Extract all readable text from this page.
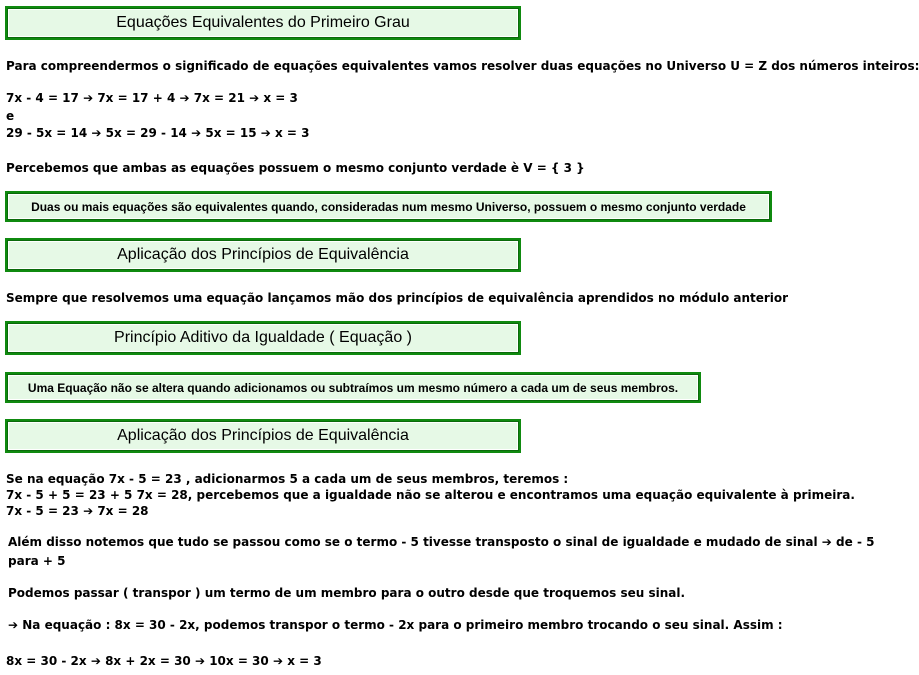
Equações Equivalentes do Primeiro Grau
Para compreendermos o significado de equações equivalentes vamos resolver duas equações no Universo U = Z dos números inteiros:
7x - 4 = 17 ➔ 7x = 17 + 4 ➔ 7x = 21 ➔ x = 3
e
29 - 5x = 14 ➔ 5x = 29 - 14 ➔ 5x = 15 ➔ x = 3
Percebemos que ambas as equações possuem o mesmo conjunto verdade è V = { 3 }
Duas ou mais equações são equivalentes quando, consideradas num mesmo Universo, possuem o mesmo conjunto verdade
Aplicação dos Princípios de Equivalência
Sempre que resolvemos uma equação lançamos mão dos princípios de equivalência aprendidos no módulo anterior
Princípio Aditivo da Igualdade ( Equação )
Uma Equação não se altera quando adicionamos ou subtraímos um mesmo número a cada um de seus membros.
Aplicação dos Princípios de Equivalência
Se na equação 7x - 5 = 23 , adicionarmos 5 a cada um de seus membros, teremos :
7x - 5 + 5 = 23 + 5 7x = 28, percebemos que a igualdade não se alterou e encontramos uma equação equivalente à primeira.
7x - 5 = 23 ➔ 7x = 28
Além disso notemos que tudo se passou como se o termo - 5 tivesse transposto o sinal de igualdade e mudado de sinal ➔ de - 5
para + 5
Podemos passar ( transpor ) um termo de um membro para o outro desde que troquemos seu sinal.
➔ Na equação : 8x = 30 - 2x, podemos transpor o termo - 2x para o primeiro membro trocando o seu sinal. Assim :
8x = 30 - 2x ➔ 8x + 2x = 30 ➔ 10x = 30 ➔ x = 3
